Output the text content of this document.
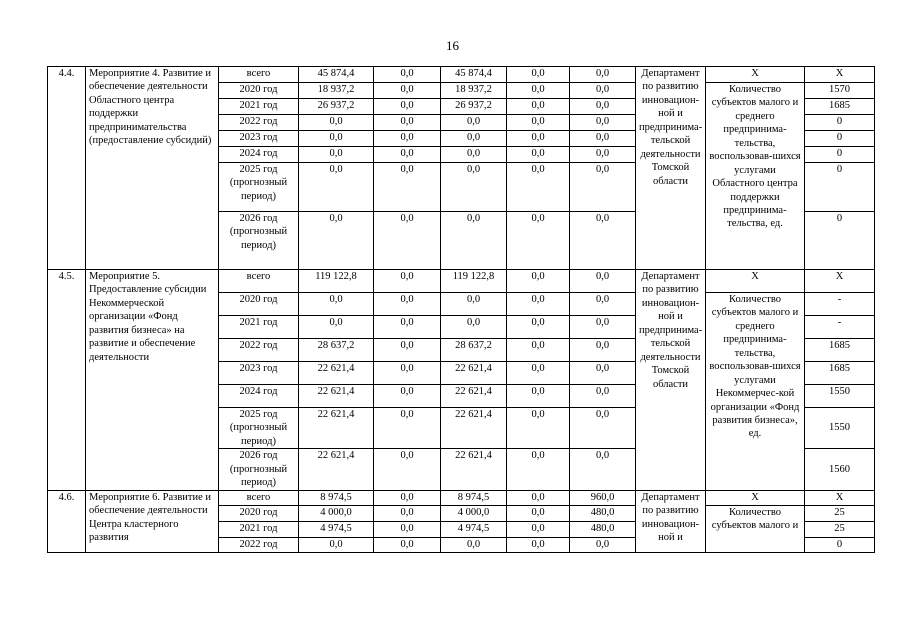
16
4.4.	Мероприятие 4. Развитие и обеспечение деятельности Областного центра поддержки предпринимательства (предоставление субсидий)	всего	45 874,4	0,0	45 874,4	0,0	0,0	Департамент по развитию инновацион-ной и предпринима-тельской деятельности Томской области	Х	Х
		2020 год	18 937,2	0,0	18 937,2	0,0	0,0		Количество субъектов малого и среднего предпринима-тельства, воспользовав-шихся услугами Областного центра поддержки предпринима-тельства, ед.	1570
		2021 год	26 937,2	0,0	26 937,2	0,0	0,0			1685
		2022 год	0,0	0,0	0,0	0,0	0,0			0
		2023 год	0,0	0,0	0,0	0,0	0,0			0
		2024 год	0,0	0,0	0,0	0,0	0,0			0
		2025 год (прогнозный период)	0,0	0,0	0,0	0,0	0,0			0
		2026 год (прогнозный период)	0,0	0,0	0,0	0,0	0,0			0
4.5.	Мероприятие 5. Предоставление субсидии Некоммерческой организации «Фонд развития бизнеса» на развитие и обеспечение деятельности	всего	119 122,8	0,0	119 122,8	0,0	0,0	Департамент по развитию инновацион-ной и предпринима-тельской деятельности Томской области	Х	Х
		2020 год	0,0	0,0	0,0	0,0	0,0		Количество субъектов малого и среднего предпринима-тельства, воспользовав-шихся услугами Некоммерчес-кой организации «Фонд развития бизнеса», ед.	-
		2021 год	0,0	0,0	0,0	0,0	0,0			-
		2022 год	28 637,2	0,0	28 637,2	0,0	0,0			1685
		2023 год	22 621,4	0,0	22 621,4	0,0	0,0			1685
		2024 год	22 621,4	0,0	22 621,4	0,0	0,0			1550
		2025 год (прогнозный период)	22 621,4	0,0	22 621,4	0,0	0,0			1550
		2026 год (прогнозный период)	22 621,4	0,0	22 621,4	0,0	0,0			1560
4.6.	Мероприятие 6. Развитие и обеспечение деятельности Центра кластерного развития	всего	8 974,5	0,0	8 974,5	0,0	960,0	Департамент по развитию инновацион-ной и	Х	Х
		2020 год	4 000,0	0,0	4 000,0	0,0	480,0		Количество субъектов малого и	25
		2021 год	4 974,5	0,0	4 974,5	0,0	480,0			25
		2022 год	0,0	0,0	0,0	0,0	0,0			0
